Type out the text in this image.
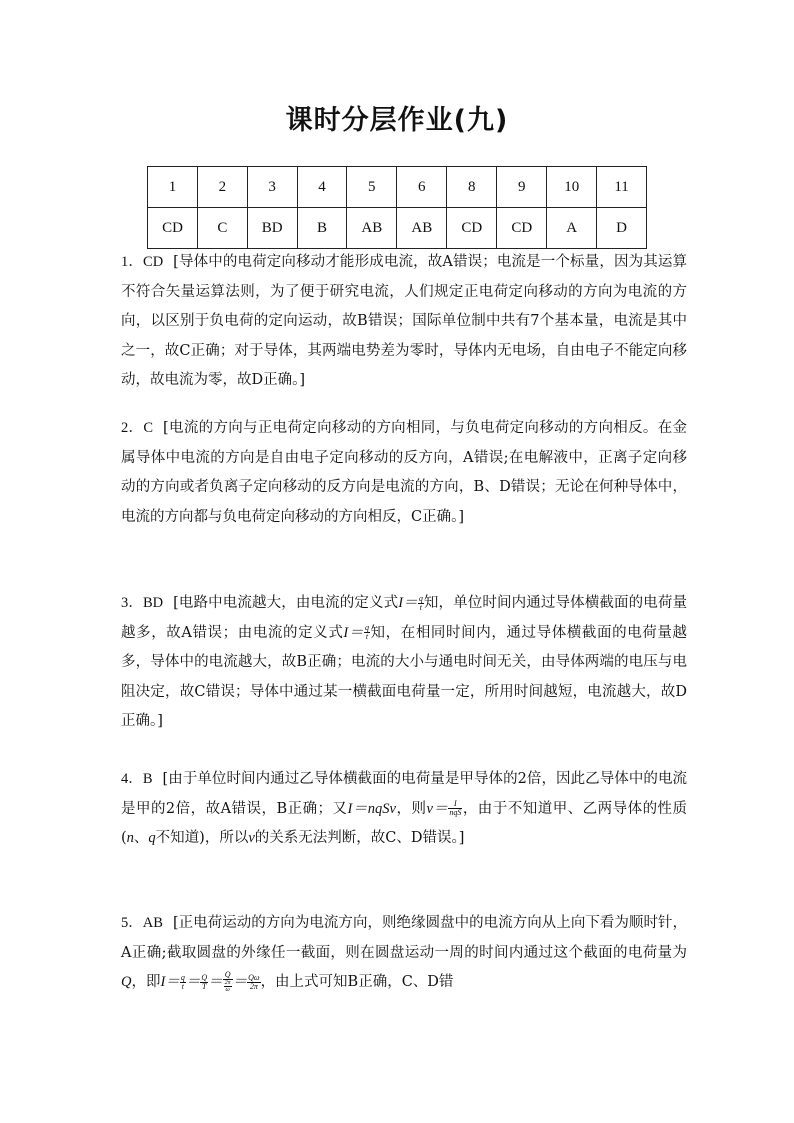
课时分层作业(九)
1	2	3	4	5	6	8	9	10	11
CD	C	BD	B	AB	AB	CD	CD	A	D

1．CD [导体中的电荷定向移动才能形成电流，故A错误；电流是一个标量，因为其运算不符合矢量运算法则，为了便于研究电流，人们规定正电荷定向移动的方向为电流的方向，以区别于负电荷的定向运动，故B错误；国际单位制中共有7个基本量，电流是其中之一，故C正确；对于导体，其两端电势差为零时，导体内无电场，自由电子不能定向移动，故电流为零，故D正确。]

2．C [电流的方向与正电荷定向移动的方向相同，与负电荷定向移动的方向相反。在金属导体中电流的方向是自由电子定向移动的反方向，A错误;在电解液中，正离子定向移动的方向或者负离子定向移动的反方向是电流的方向，B、D错误；无论在何种导体中，电流的方向都与负电荷定向移动的方向相反，C正确。]

3．BD [电路中电流越大，由电流的定义式$I= \frac{q}{t}$ 知，单位时间内通过导体横截面的电荷量越多，故A错误；由电流的定义式$I= \frac{q}{t}$ 知，在相同时间内，通过导体横截面的电荷量越多，导体中的电流越大，故B正确；电流的大小与通电时间无关，由导体两端的电压与电阻决定，故C错误；导体中通过某一横截面电荷量一定，所用时间越短，电流越大，故D正确。]

4．B [由于单位时间内通过乙导体横截面的电荷量是甲导体的2倍，因此乙导体中的电流是甲的2倍，故A错误，B正确；又I＝nqSv，则$v= \frac{I}{\text{nqS}}$ ，由于不知道甲、乙两导体的性质(n、q不知道)，所以v的关系无法判断，故C、D错误。]

5．AB [正电荷运动的方向为电流方向，则绝缘圆盘中的电流方向从上向下看为顺时针，A正确;截取圆盘的外缘任一截面，则在圆盘运动一周的时间内通过这个截面的电荷量为Q，即$I= \frac{q}{t} = \frac{Q}{T} = \frac{Q}{\frac{2\pi}{\omega}} = \frac{Q\omega}{2\pi}$ ，由上式可知B正确，C、D错
